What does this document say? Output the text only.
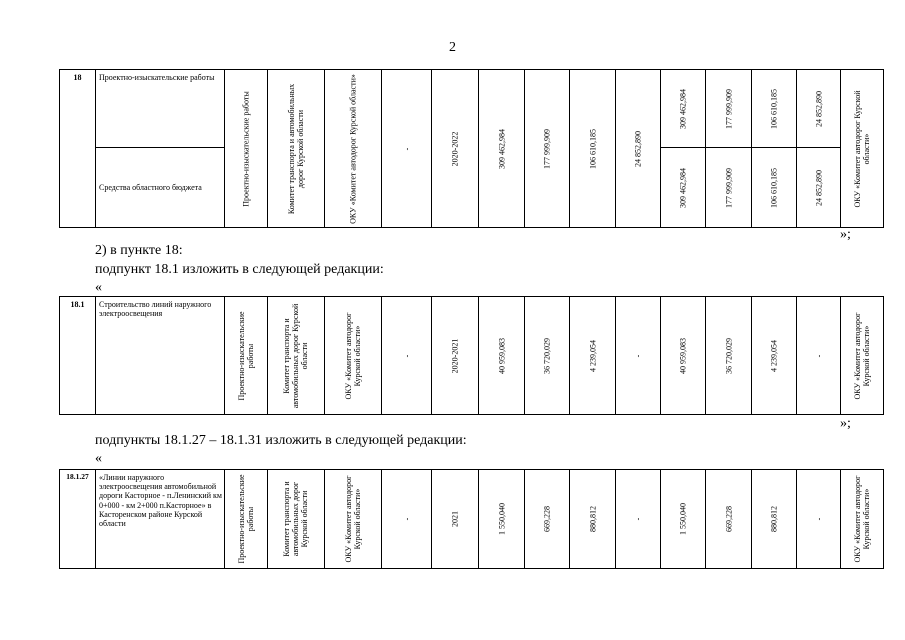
2
18	Проектно-изыскательские работы	Проектно-изыскательские работы	Комитет транспорта и автомобильных дорог Курской области	ОКУ «Комитет автодорог Курской области»	-	2020-2022	309 462,984	177 999,909	106 610,185	24 852,890	309 462,984	177 999,909	106 610,185	24 852,890	ОКУ «Комитет автодорог Курской области»

	Средства областного бюджета										309 462,984	177 999,909	106 610,185	24 852,890	
»;
2) в пункте 18:
подпункт 18.1 изложить в следующей редакции:
«
18.1	Строительство линий наружного электроосвещения	Проектно-изыскательские работы	Комитет транспорта и автомобильных дорог Курской области	ОКУ «Комитет автодорог Курской области»	-	2020-2021	40 959,083	36 720,029	4 239,054	-	40 959,083	36 720,029	4 239,054	-	ОКУ «Комитет автодорог Курской области»
»;
подпункты 18.1.27 – 18.1.31 изложить в следующей редакции:
«
18.1.27	«Линии наружного электроосвещения автомобильной дороги Касторное - п.Ленинский км 0+000 - км 2+000 п.Касторное» в Касторенском районе Курской области	Проектно-изыскательские работы	Комитет транспорта и автомобильных дорог Курской области	ОКУ «Комитет автодорог Курской области»	-	2021	1 550,040	669,228	880,812	-	1 550,040	669,228	880,812	-	ОКУ «Комитет автодорог Курской области»
